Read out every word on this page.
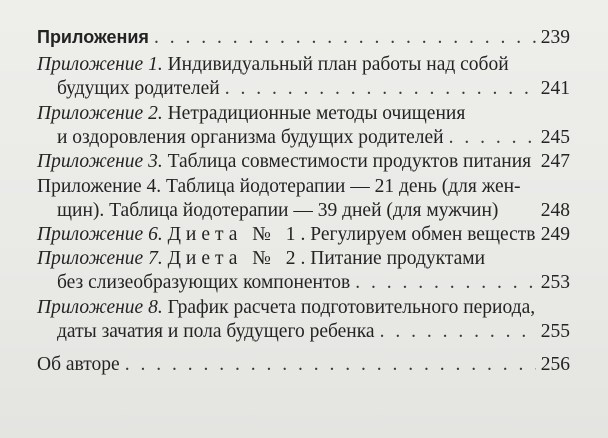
Приложения . . .	239
Приложение 1. Индивидуальный план работы над собой
будущих родителей . . .	241
Приложение 2. Нетрадиционные методы очищения
и оздоровления организма будущих родителей . . .	245
Приложение 3. Таблица совместимости продуктов питания 247
Приложение 4. Таблица йодотерапии — 21 день (для жен-
щин). Таблица йодотерапии — 39 дней (для мужчин) 248
Приложение 6. Диета № 1. Регулируем обмен веществ 249
Приложение 7. Диета № 2. Питание продуктами
без слизеобразующих компонентов . . .	253
Приложение 8. График расчета подготовительного периода,
даты зачатия и пола будущего ребенка . . .	255
Об авторе . . .	256
